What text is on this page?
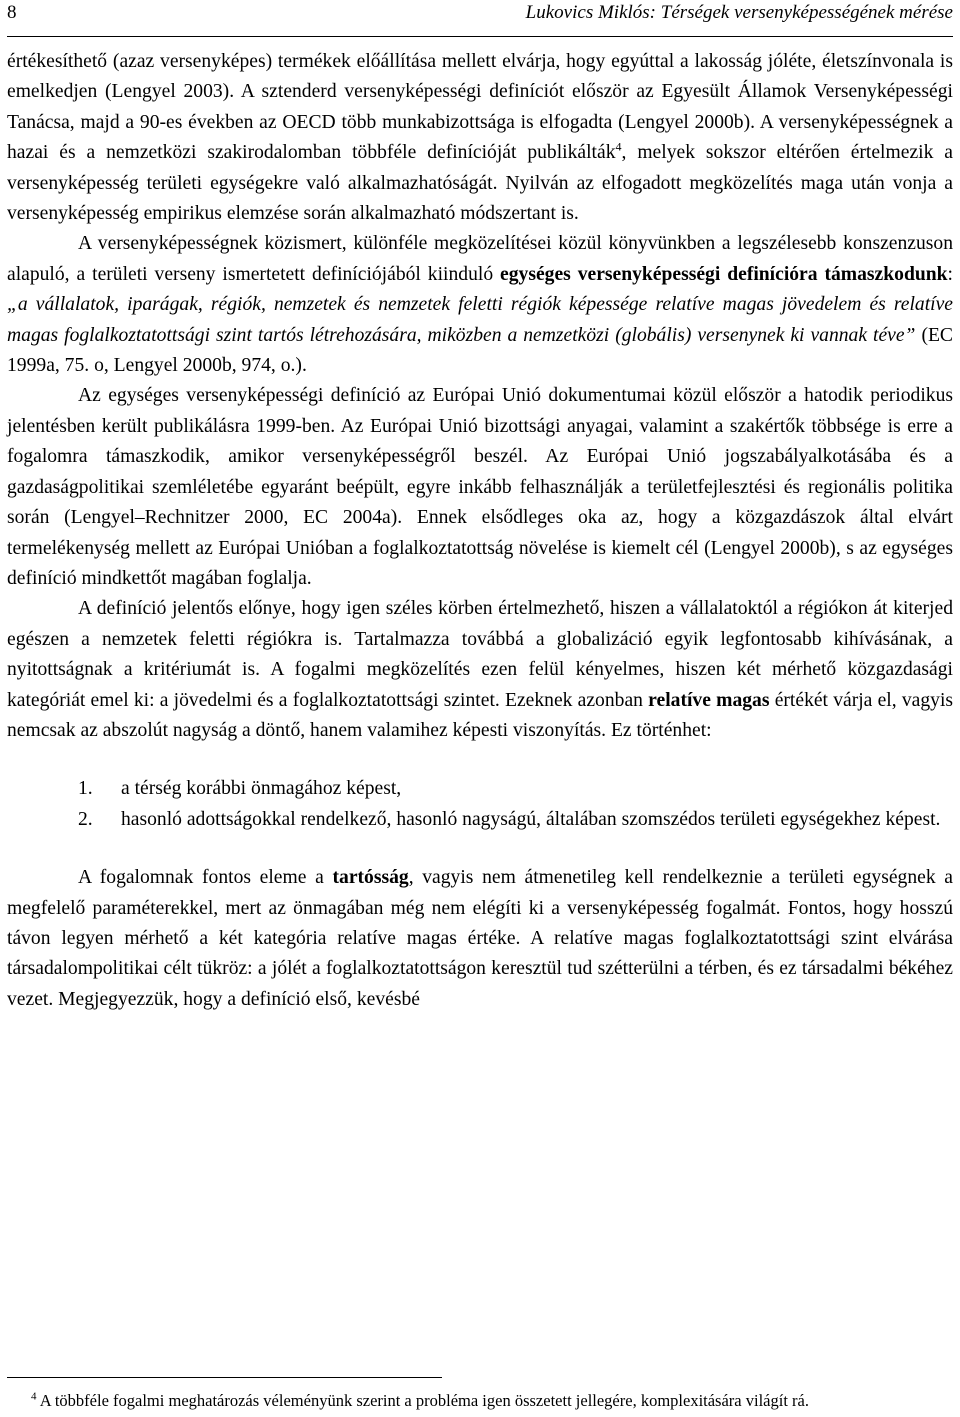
8	Lukovics Miklós: Térségek versenyképességének mérése

értékesíthető (azaz versenyképes) termékek előállítása mellett elvárja, hogy egyúttal a lakosság jóléte, életszínvonala is emelkedjen (Lengyel 2003). A sztenderd versenyképességi definíciót először az Egyesült Államok Versenyképességi Tanácsa, majd a 90-es években az OECD több munkabizottsága is elfogadta (Lengyel 2000b). A versenyképességnek a hazai és a nemzetközi szakirodalomban többféle definícióját publikálták$^4$, melyek sokszor eltérően értelmezik a versenyképesség területi egységekre való alkalmazhatóságát. Nyilván az elfogadott megközelítés maga után vonja a versenyképesség empirikus elemzése során alkalmazható módszertant is.

A versenyképességnek közismert, különféle megközelítései közül könyvünkben a legszélesebb konszenzuson alapuló, a területi verseny ismertetett definíciójából kiinduló egységes versenyképességi definícióra támaszkodunk: „a vállalatok, iparágak, régiók, nemzetek és nemzetek feletti régiók képessége relatíve magas jövedelem és relatíve magas foglalkoztatottsági szint tartós létrehozására, miközben a nemzetközi (globális) versenynek ki vannak téve” (EC 1999a, 75. o, Lengyel 2000b, 974, o.).

Az egységes versenyképességi definíció az Európai Unió dokumentumai közül először a hatodik periodikus jelentésben került publikálásra 1999-ben. Az Európai Unió bizottsági anyagai, valamint a szakértők többsége is erre a fogalomra támaszkodik, amikor versenyképességről beszél. Az Európai Unió jogszabályalkotásába és a gazdaságpolitikai szemléletébe egyaránt beépült, egyre inkább felhasználják a területfejlesztési és regionális politika során (Lengyel–Rechnitzer 2000, EC 2004a). Ennek elsődleges oka az, hogy a közgazdászok által elvárt termelékenység mellett az Európai Unióban a foglalkoztatottság növelése is kiemelt cél (Lengyel 2000b), s az egységes definíció mindkettőt magában foglalja.

A definíció jelentős előnye, hogy igen széles körben értelmezhető, hiszen a vállalatoktól a régiókon át kiterjed egészen a nemzetek feletti régiókra is. Tartalmazza továbbá a globalizáció egyik legfontosabb kihívásának, a nyitottságnak a kritériumát is. A fogalmi megközelítés ezen felül kényelmes, hiszen két mérhető közgazdasági kategóriát emel ki: a jövedelmi és a foglalkoztatottsági szintet. Ezeknek azonban relatíve magas értékét várja el, vagyis nemcsak az abszolút nagyság a döntő, hanem valamihez képesti viszonyítás. Ez történhet:

1. a térség korábbi önmagához képest,
2. hasonló adottságokkal rendelkező, hasonló nagyságú, általában szomszédos területi egységekhez képest.

A fogalomnak fontos eleme a tartósság, vagyis nem átmenetileg kell rendelkeznie a területi egységnek a megfelelő paraméterekkel, mert az önmagában még nem elégíti ki a versenyképesség fogalmát. Fontos, hogy hosszú távon legyen mérhető a két kategória relatíve magas értéke. A relatíve magas foglalkoztatottsági szint elvárása társadalompolitikai célt tükröz: a jólét a foglalkoztatottságon keresztül tud szétterülni a térben, és ez társadalmi békéhez vezet. Megjegyezzük, hogy a definíció első, kevésbé

$^4$ A többféle fogalmi meghatározás véleményünk szerint a probléma igen összetett jellegére, komplexitására világít rá.
